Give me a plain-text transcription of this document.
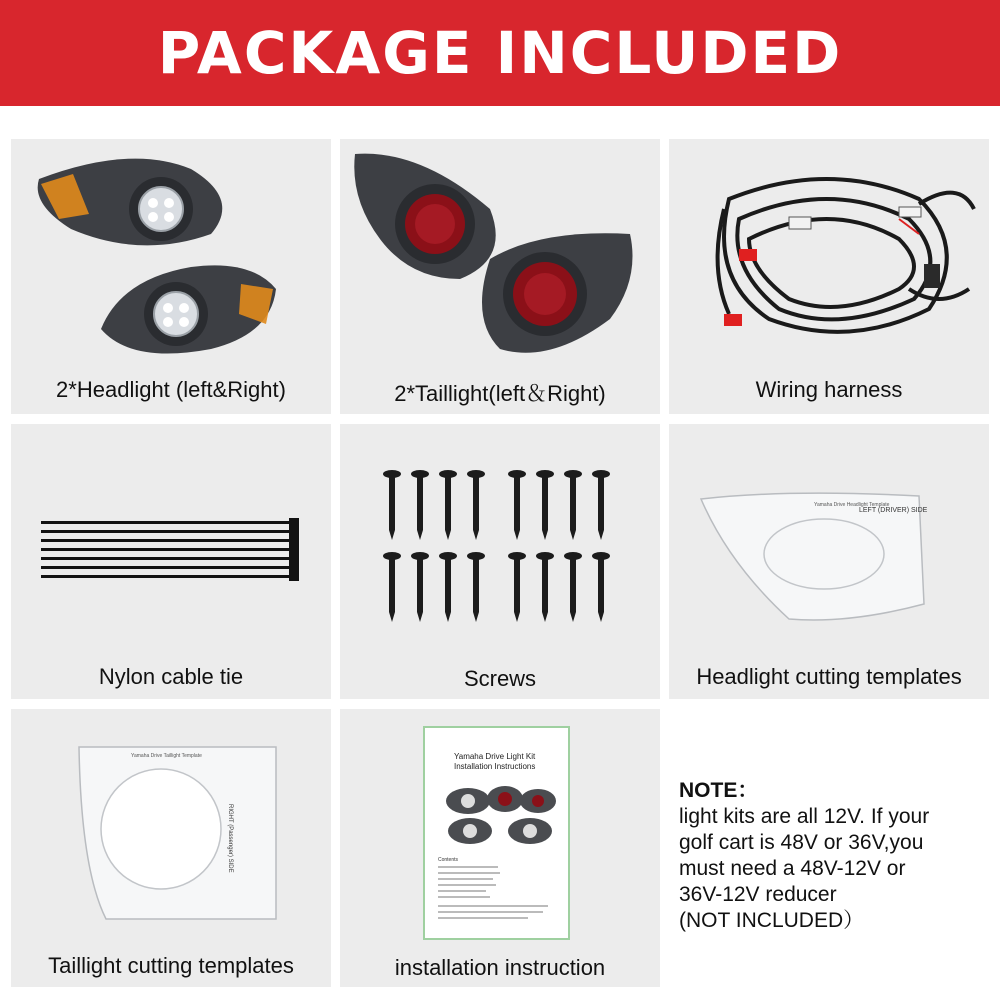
PACKAGE INCLUDED
2*Headlight (left&Right)	2*Taillight(left＆Right)	Wiring harness
Nylon cable tie	Screws
Yamaha Drive Headlight Template
LEFT (DRIVER) SIDE
Headlight cutting templates
Yamaha Drive Taillight Template
RIGHT (Passenger) SIDE
Taillight cutting templates
Yamaha Drive Light Kit
Installation Instructions
Contents
installation instruction
NOTE：
light kits are all 12V. If your
golf cart is 48V or 36V,you
must need a 48V-12V or
36V-12V reducer
(NOT INCLUDED）
